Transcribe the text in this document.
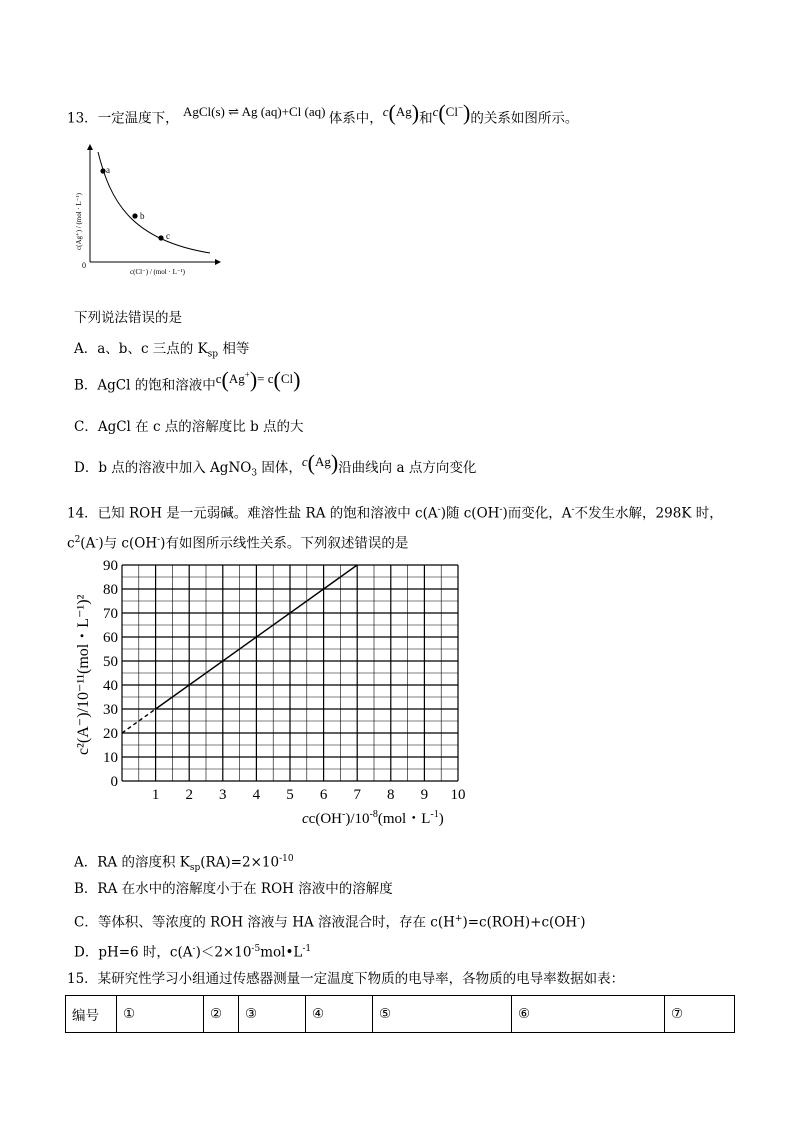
13．一定温度下， AgCl(s) ⇌ Ag (aq)+Cl (aq) 体系中，c(Ag)和c(Cl−)的关系如图所示。
a
b
c
0
c(Ag⁺) / (mol · L⁻¹)
c(Cl⁻) / (mol · L⁻¹)
下列说法错误的是
A．a、b、c 三点的 $K_{sp}$ 相等
B．AgCl 的饱和溶液中c(Ag+)= c(Cl)
C．AgCl 在 c 点的溶解度比 b 点的大
D．b 点的溶液中加入 AgNO$_3$ 固体，c(Ag)沿曲线向 a 点方向变化
14．已知 ROH 是一元弱碱。难溶性盐 RA 的饱和溶液中 c(A-)随 c(OH-)而变化，A-不发生水解，298K 时，
$c^2(A^-)$与 c(OH-)有如图所示线性关系。下列叙述错误的是
0
10
20
30
40
50
60
70
80
90
1 2 3 4 5 6 7 8 9 10
c²(A⁻)/10⁻¹¹(mol・L⁻¹)²
$cc(OH^-)/10^{-8}(mol$・$L^{-1}$)
A．RA 的溶度积 $K_{sp}(RA)=2\times 10^{-10}$
B．RA 在水中的溶解度小于在 ROH 溶液中的溶解度
C．等体积、等浓度的 ROH 溶液与 HA 溶液混合时，存在 c(H+)=c(ROH)+c(OH-)
D．pH=6 时，$c(A^-)<2\times 10^{-5}mol•L^{-1}$
15．某研究性学习小组通过传感器测量一定温度下物质的电导率，各物质的电导率数据如表：
编号	①	②	③	④	⑤	⑥	⑦
